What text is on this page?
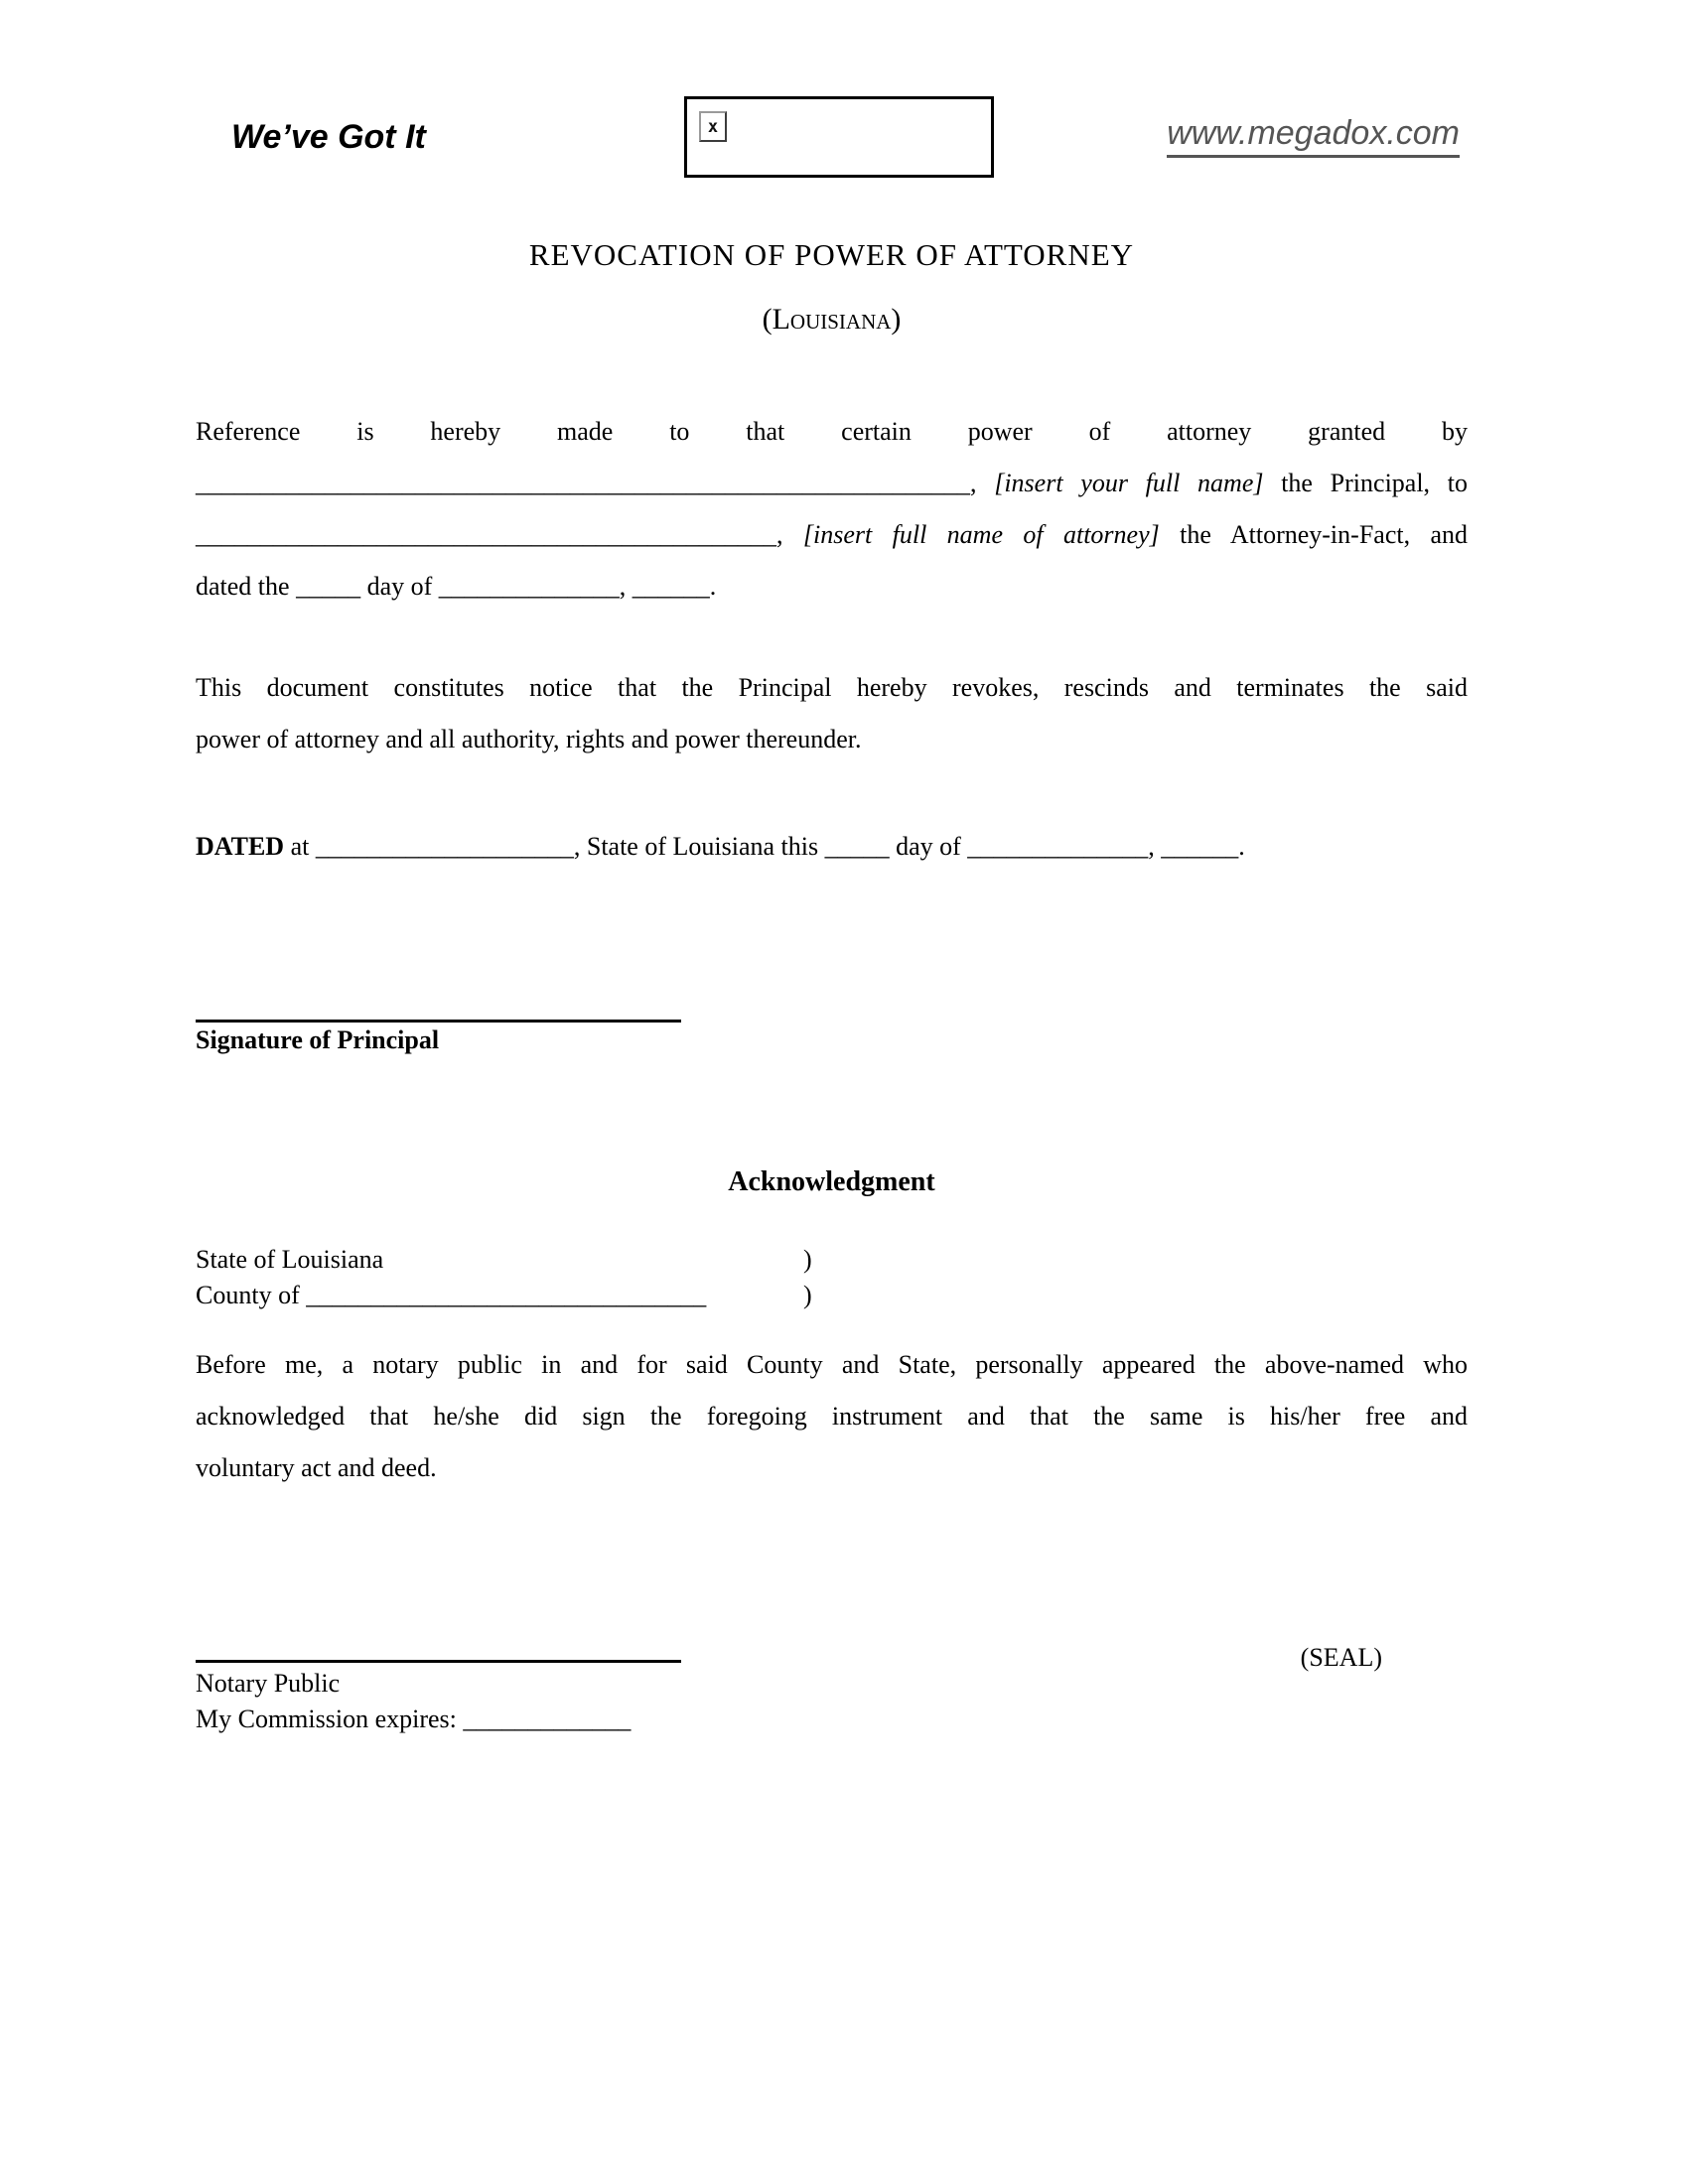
We’ve Got It	x	www.megadox.com
REVOCATION OF POWER OF ATTORNEY
(Louisiana)
Reference is hereby made to that certain power of attorney granted by
____________________________________________________________, [insert your full name] the Principal, to
_____________________________________________, [insert full name of attorney] the Attorney-in-Fact, and
dated the _____ day of ______________, ______.
This document constitutes notice that the Principal hereby revokes, rescinds and terminates the said
power of attorney and all authority, rights and power thereunder.
DATED at ____________________, State of Louisiana this _____ day of ______________, ______.
Signature of Principal
Acknowledgment
State of Louisiana	)
County of _______________________________	)
Before me, a notary public in and for said County and State, personally appeared the above-named who
acknowledged that he/she did sign the foregoing instrument and that the same is his/her free and
voluntary act and deed.
(SEAL)
Notary Public
My Commission expires: _____________
